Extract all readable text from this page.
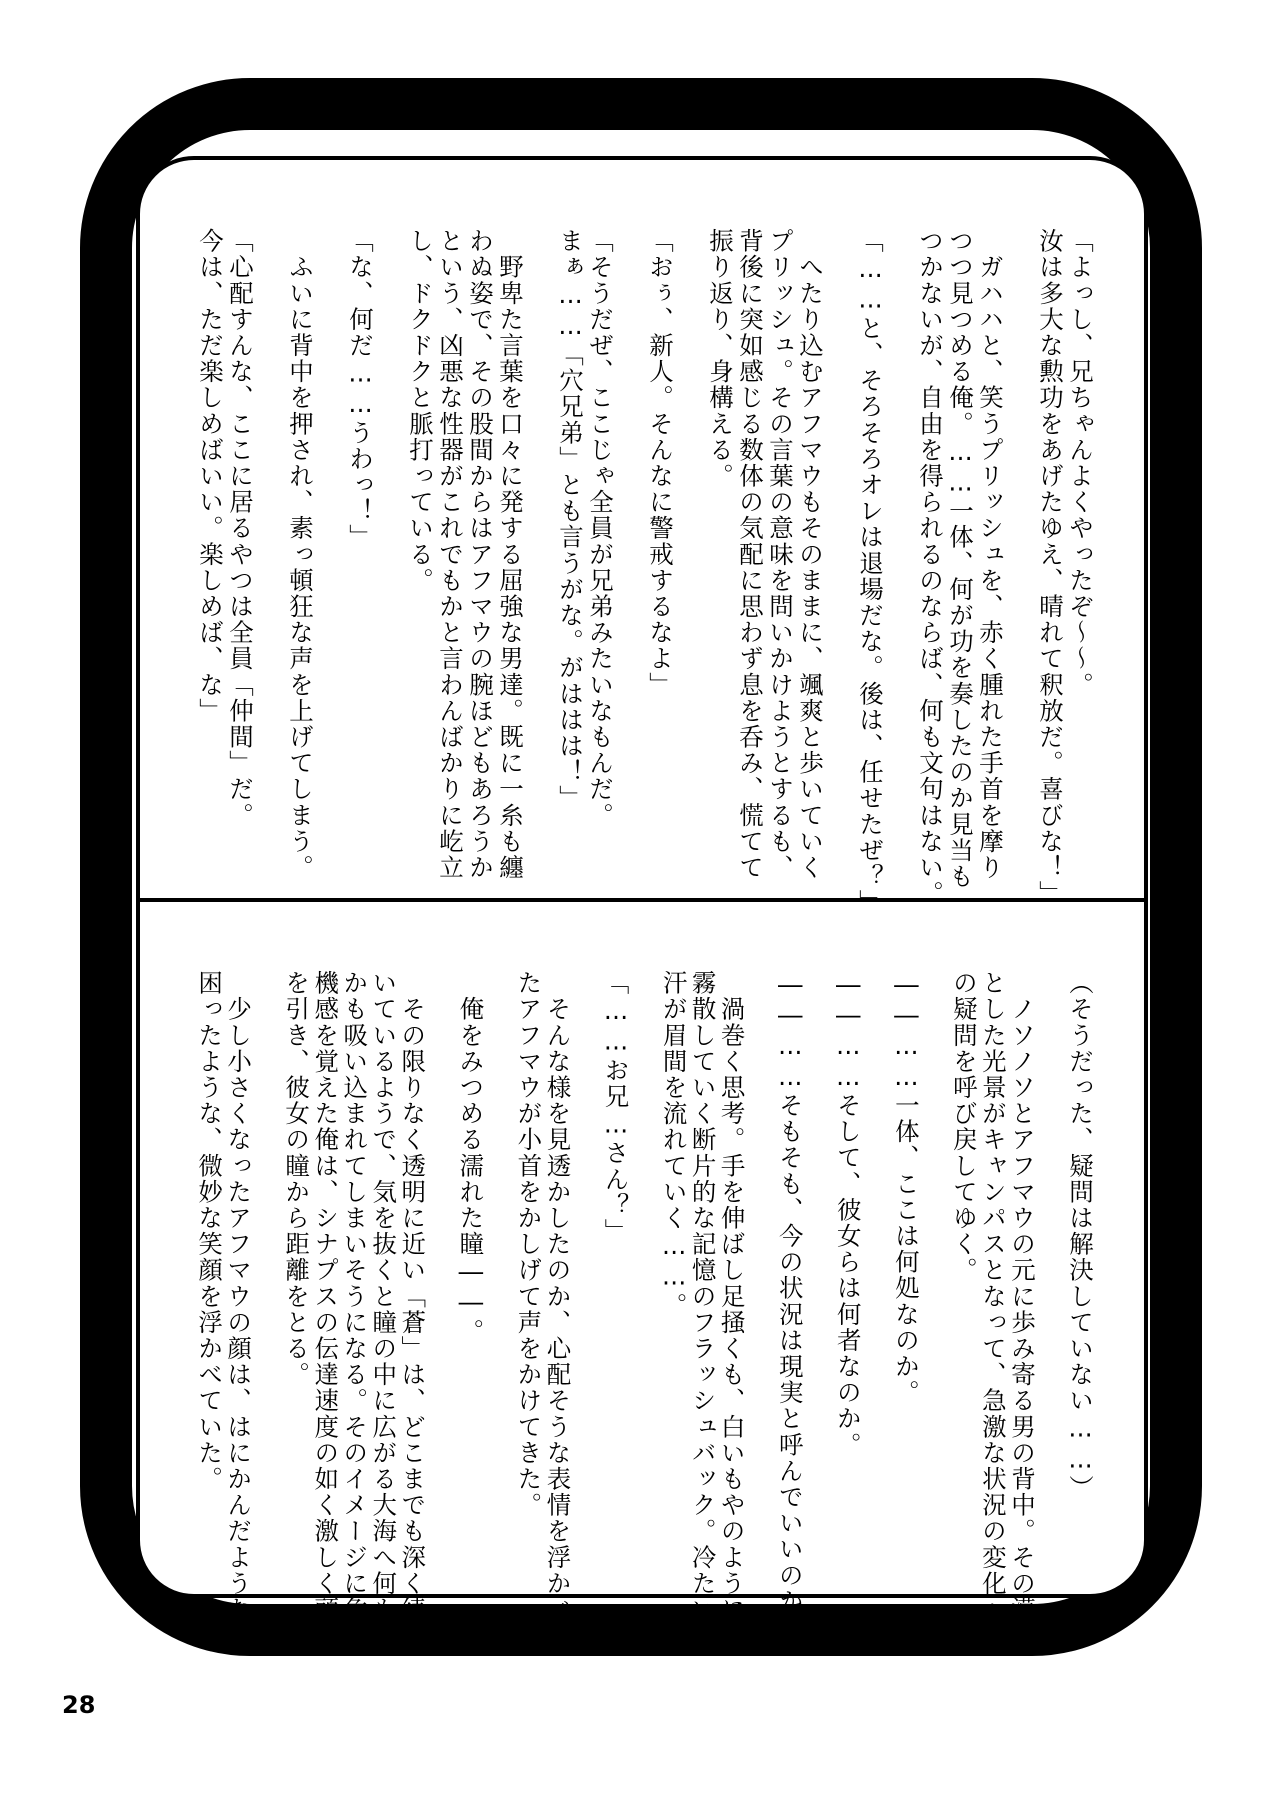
「よっし、兄ちゃんよくやったぞ〜〜。
汝は多大な勲功をあげたゆえ、晴れて釈放だ。喜びな！」
　ガハハと、笑うプリッシュを、赤く腫れた手首を摩り
つつ見つめる俺。……一体、何が功を奏したのか見当も
つかないが、自由を得られるのならば、何も文句はない。
「……と、そろそろオレは退場だな。後は、任せたぜ？」
　へたり込むアフマウもそのままに、颯爽と歩いていく
プリッシュ。その言葉の意味を問いかけようとするも、
背後に突如感じる数体の気配に思わず息を呑み、慌てて
振り返り、身構える。
「おぅ、新人。そんなに警戒するなよ」
「そうだぜ、ここじゃ全員が兄弟みたいなもんだ。
まぁ……「穴兄弟」とも言うがな。がははは！」
　野卑た言葉を口々に発する屈強な男達。既に一糸も纏
わぬ姿で、その股間からはアフマウの腕ほどもあろうか
という、凶悪な性器がこれでもかと言わんばかりに屹立
し、ドクドクと脈打っている。
「な、何だ……うわっ！」
　ふいに背中を押され、素っ頓狂な声を上げてしまう。
「心配すんな、ここに居るやつは全員「仲間」だ。
今は、ただ楽しめばいい。楽しめば、な」
（そうだった、疑問は解決していない……）
　ノソノソとアフマウの元に歩み寄る男の背中。その漠
とした光景がキャンパスとなって、急激な状況の変化へ
の疑問を呼び戻してゆく。
――……一体、ここは何処なのか。
――……そして、彼女らは何者なのか。
――……そもそも、今の状況は現実と呼んでいいのか。
　渦巻く思考。手を伸ばし足掻くも、白いもやのように
霧散していく断片的な記憶のフラッシュバック。冷たい
汗が眉間を流れていく……。
「……お兄…さん？」
　そんな様を見透かしたのか、心配そうな表情を浮かべ
たアフマウが小首をかしげて声をかけてきた。
　俺をみつめる濡れた瞳――。
　その限りなく透明に近い「蒼」は、どこまでも深く続
いているようで、気を抜くと瞳の中に広がる大海へ何も
かも吸い込まれてしまいそうになる。そのイメージに危
機感を覚えた俺は、シナプスの伝達速度の如く激しく頭
を引き、彼女の瞳から距離をとる。
　少し小さくなったアフマウの顔は、はにかんだような
困ったような、微妙な笑顔を浮かべていた。
28
